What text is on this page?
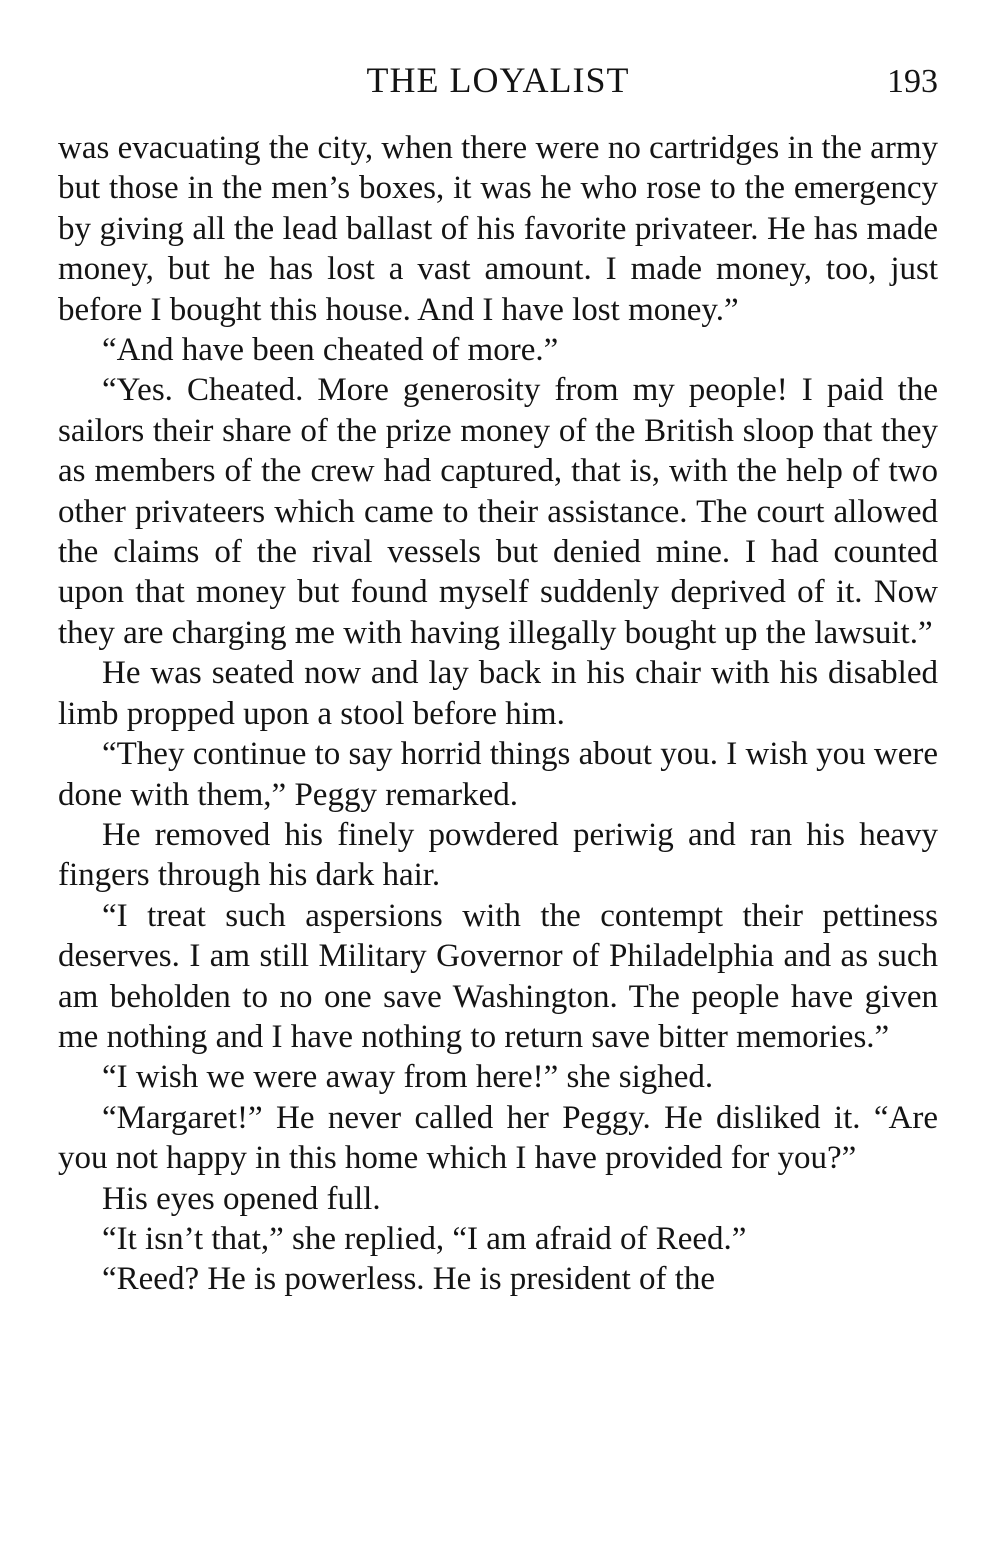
THE LOYALIST	193

was evacuating the city, when there were no cartridges in the army but those in the men’s boxes, it was he who rose to the emergency by giving all the lead ballast of his favorite privateer. He has made money, but he has lost a vast amount. I made money, too, just before I bought this house. And I have lost money.”

“And have been cheated of more.”

“Yes. Cheated. More generosity from my people! I paid the sailors their share of the prize money of the British sloop that they as members of the crew had captured, that is, with the help of two other privateers which came to their assistance. The court allowed the claims of the rival vessels but denied mine. I had counted upon that money but found myself suddenly deprived of it. Now they are charging me with having illegally bought up the lawsuit.”

He was seated now and lay back in his chair with his disabled limb propped upon a stool before him.

“They continue to say horrid things about you. I wish you were done with them,” Peggy remarked.

He removed his finely powdered periwig and ran his heavy fingers through his dark hair.

“I treat such aspersions with the contempt their pettiness deserves. I am still Military Governor of Philadelphia and as such am beholden to no one save Washington. The people have given me nothing and I have nothing to return save bitter memories.”

“I wish we were away from here!” she sighed.

“Margaret!” He never called her Peggy. He disliked it. “Are you not happy in this home which I have provided for you?”

His eyes opened full.

“It isn’t that,” she replied, “I am afraid of Reed.”

“Reed? He is powerless. He is president of the
